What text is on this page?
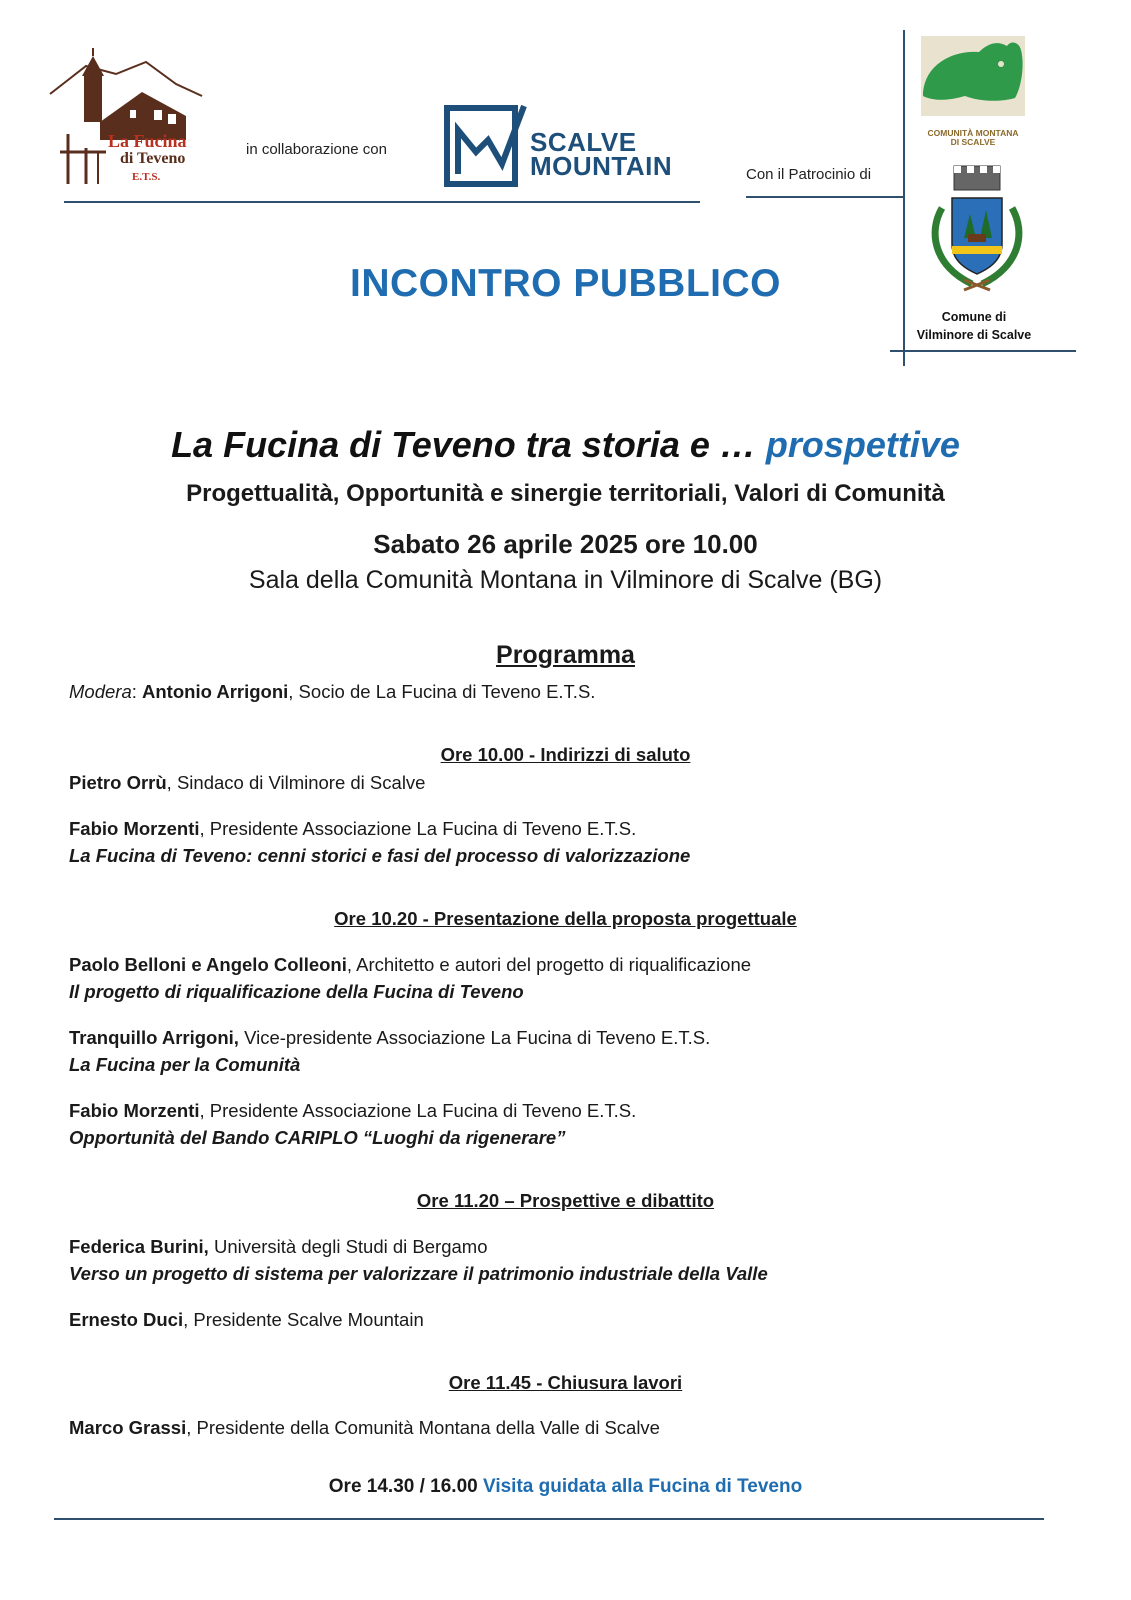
La Fucina
di Teveno
E.T.S.
in collaborazione con	SCALVE
MOUNTAIN	Con il Patrocinio di
COMUNITÀ MONTANA
DI SCALVE
Comune di
Vilminore di Scalve
INCONTRO PUBBLICO
La Fucina di Teveno tra storia e … prospettive
Progettualità, Opportunità e sinergie territoriali, Valori di Comunità
Sabato 26 aprile 2025 ore 10.00
Sala della Comunità Montana in Vilminore di Scalve (BG)
Programma
Modera: Antonio Arrigoni, Socio de La Fucina di Teveno E.T.S.
Ore 10.00 - Indirizzi di saluto
Pietro Orrù, Sindaco di Vilminore di Scalve
Fabio Morzenti, Presidente Associazione La Fucina di Teveno E.T.S.
La Fucina di Teveno: cenni storici e fasi del processo di valorizzazione
Ore 10.20 - Presentazione della proposta progettuale
Paolo Belloni e Angelo Colleoni, Architetto e autori del progetto di riqualificazione
Il progetto di riqualificazione della Fucina di Teveno
Tranquillo Arrigoni, Vice-presidente Associazione La Fucina di Teveno E.T.S.
La Fucina per la Comunità
Fabio Morzenti, Presidente Associazione La Fucina di Teveno E.T.S.
Opportunità del Bando CARIPLO “Luoghi da rigenerare”
Ore 11.20 – Prospettive e dibattito
Federica Burini, Università degli Studi di Bergamo
Verso un progetto di sistema per valorizzare il patrimonio industriale della Valle
Ernesto Duci, Presidente Scalve Mountain
Ore 11.45 - Chiusura lavori
Marco Grassi, Presidente della Comunità Montana della Valle di Scalve
Ore 14.30 / 16.00 Visita guidata alla Fucina di Teveno
